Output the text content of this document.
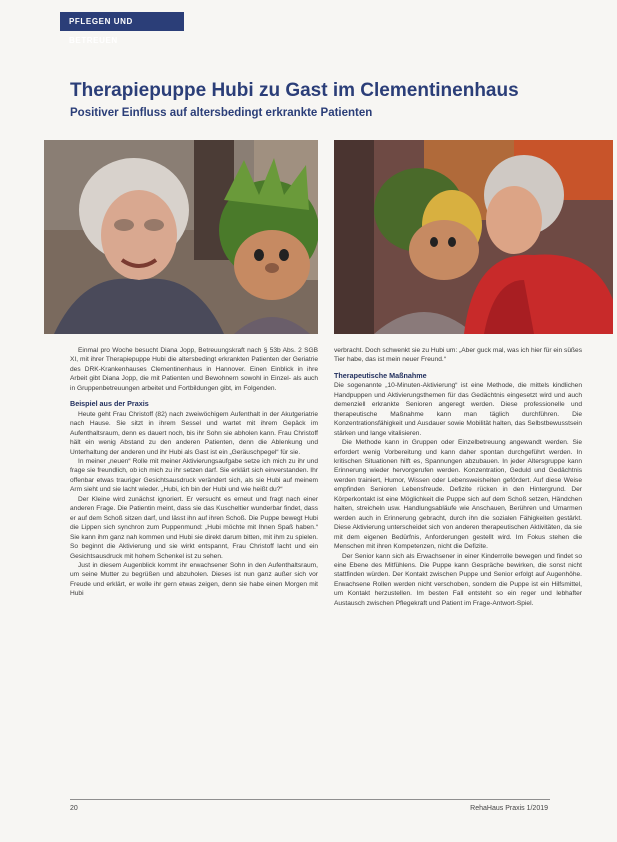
PFLEGEN UND BETREUEN
Therapiepuppe Hubi zu Gast im Clementinenhaus
Positiver Einfluss auf altersbedingt erkrankte Patienten

Einmal pro Woche besucht Diana Jopp, Betreuungskraft nach § 53b Abs. 2 SGB XI, mit ihrer Therapiepuppe Hubi die altersbedingt erkrankten Patienten der Geriatrie des DRK-Krankenhauses Clementinenhaus in Hannover. Einen Einblick in ihre Arbeit gibt Diana Jopp, die mit Patienten und Bewohnern sowohl in Einzel- als auch in Gruppenbetreuungen arbeitet und Fortbildungen gibt, im Folgenden.

Beispiel aus der Praxis

Heute geht Frau Christoff (82) nach zweiwöchigem Aufenthalt in der Akutgeriatrie nach Hause. Sie sitzt in ihrem Sessel und wartet mit ihrem Gepäck im Aufenthaltsraum, denn es dauert noch, bis ihr Sohn sie abholen kann. Frau Christoff hält ein wenig Abstand zu den anderen Patienten, denn die Ablenkung und Unterhaltung der anderen und ihr Hubi als Gast ist ein „Geräuschpegel“ für sie.

In meiner „neuen“ Rolle mit meiner Aktivierungsaufgabe setze ich mich zu ihr und frage sie freundlich, ob ich mich zu ihr setzen darf. Sie erklärt sich einverstanden. Ihr offenbar etwas trauriger Gesichtsausdruck verändert sich, als sie Hubi auf meinem Arm sieht und sie lacht wieder. „Hubi, ich bin der Hubi und wie heißt du?“

Der Kleine wird zunächst ignoriert. Er versucht es erneut und fragt nach einer anderen Frage. Die Patientin meint, dass sie das Kuscheltier wunderbar findet, dass er auf dem Schoß sitzen darf, und lässt ihn auf ihren Schoß. Die Puppe bewegt Hubi die Lippen sich synchron zum Puppenmund: „Hubi möchte mit Ihnen Spaß haben.“ Sie kann ihm ganz nah kommen und Hubi sie direkt darum bitten, mit ihm zu spielen. So beginnt die Aktivierung und sie wirkt entspannt, Frau Christoff lacht und ein Gesichtsausdruck mit hohem Schenkel ist zu sehen.

Just in diesem Augenblick kommt ihr erwachsener Sohn in den Aufenthaltsraum, um seine Mutter zu begrüßen und abzuholen. Dieses ist nun ganz außer sich vor Freude und erklärt, er wolle ihr gern etwas zeigen, denn sie habe einen Morgen mit Hubi

verbracht. Doch schwenkt sie zu Hubi um: „Aber guck mal, was ich hier für ein süßes Tier habe, das ist mein neuer Freund.“

Therapeutische Maßnahme

Die sogenannte „10-Minuten-Aktivierung“ ist eine Methode, die mittels kindlichen Handpuppen und Aktivierungsthemen für das Gedächtnis eingesetzt wird und auch demenziell erkrankte Senioren angeregt werden. Diese professionelle und therapeutische Maßnahme kann man täglich durchführen. Die Konzentrationsfähigkeit und Ausdauer sowie Mobilität halten, das Selbstbewusstsein stärken und lange vitalisieren.

Die Methode kann in Gruppen oder Einzelbetreuung angewandt werden. Sie erfordert wenig Vorbereitung und kann daher spontan durchgeführt werden. In kritischen Situationen hilft es, Spannungen abzubauen. In jeder Altersgruppe kann Erinnerung wieder hervorgerufen werden. Konzentration, Geduld und Gedächtnis werden trainiert, Humor, Wissen oder Lebensweisheiten gefördert. Auf diese Weise empfinden Senioren Lebensfreude. Defizite rücken in den Hintergrund. Der Körperkontakt ist eine Möglichkeit die Puppe sich auf dem Schoß setzen, Händchen halten, streicheln usw. Handlungsabläufe wie Anschauen, Berühren und Umarmen werden auch in Erinnerung gebracht, durch ihn die sozialen Fähigkeiten gestärkt. Diese Aktivierung unterscheidet sich von anderen therapeutischen Aktivitäten, da sie mit dem eigenen Bedürfnis, Anforderungen gestellt wird. Im Fokus stehen die Menschen mit ihren Kompetenzen, nicht die Defizite.

Der Senior kann sich als Erwachsener in einer Kinderrolle bewegen und findet so eine Ebene des Mitfühlens. Die Puppe kann Gespräche bewirken, die sonst nicht stattfinden würden. Der Kontakt zwischen Puppe und Senior erfolgt auf Augenhöhe. Erwachsene Rollen werden nicht verschoben, sondern die Puppe ist ein Hilfsmittel, um Kontakt herzustellen. Im besten Fall entsteht so ein reger und lebhafter Austausch zwischen Pflegekraft und Patient im Frage-Antwort-Spiel.

20	RehaHaus Praxis 1/2019
